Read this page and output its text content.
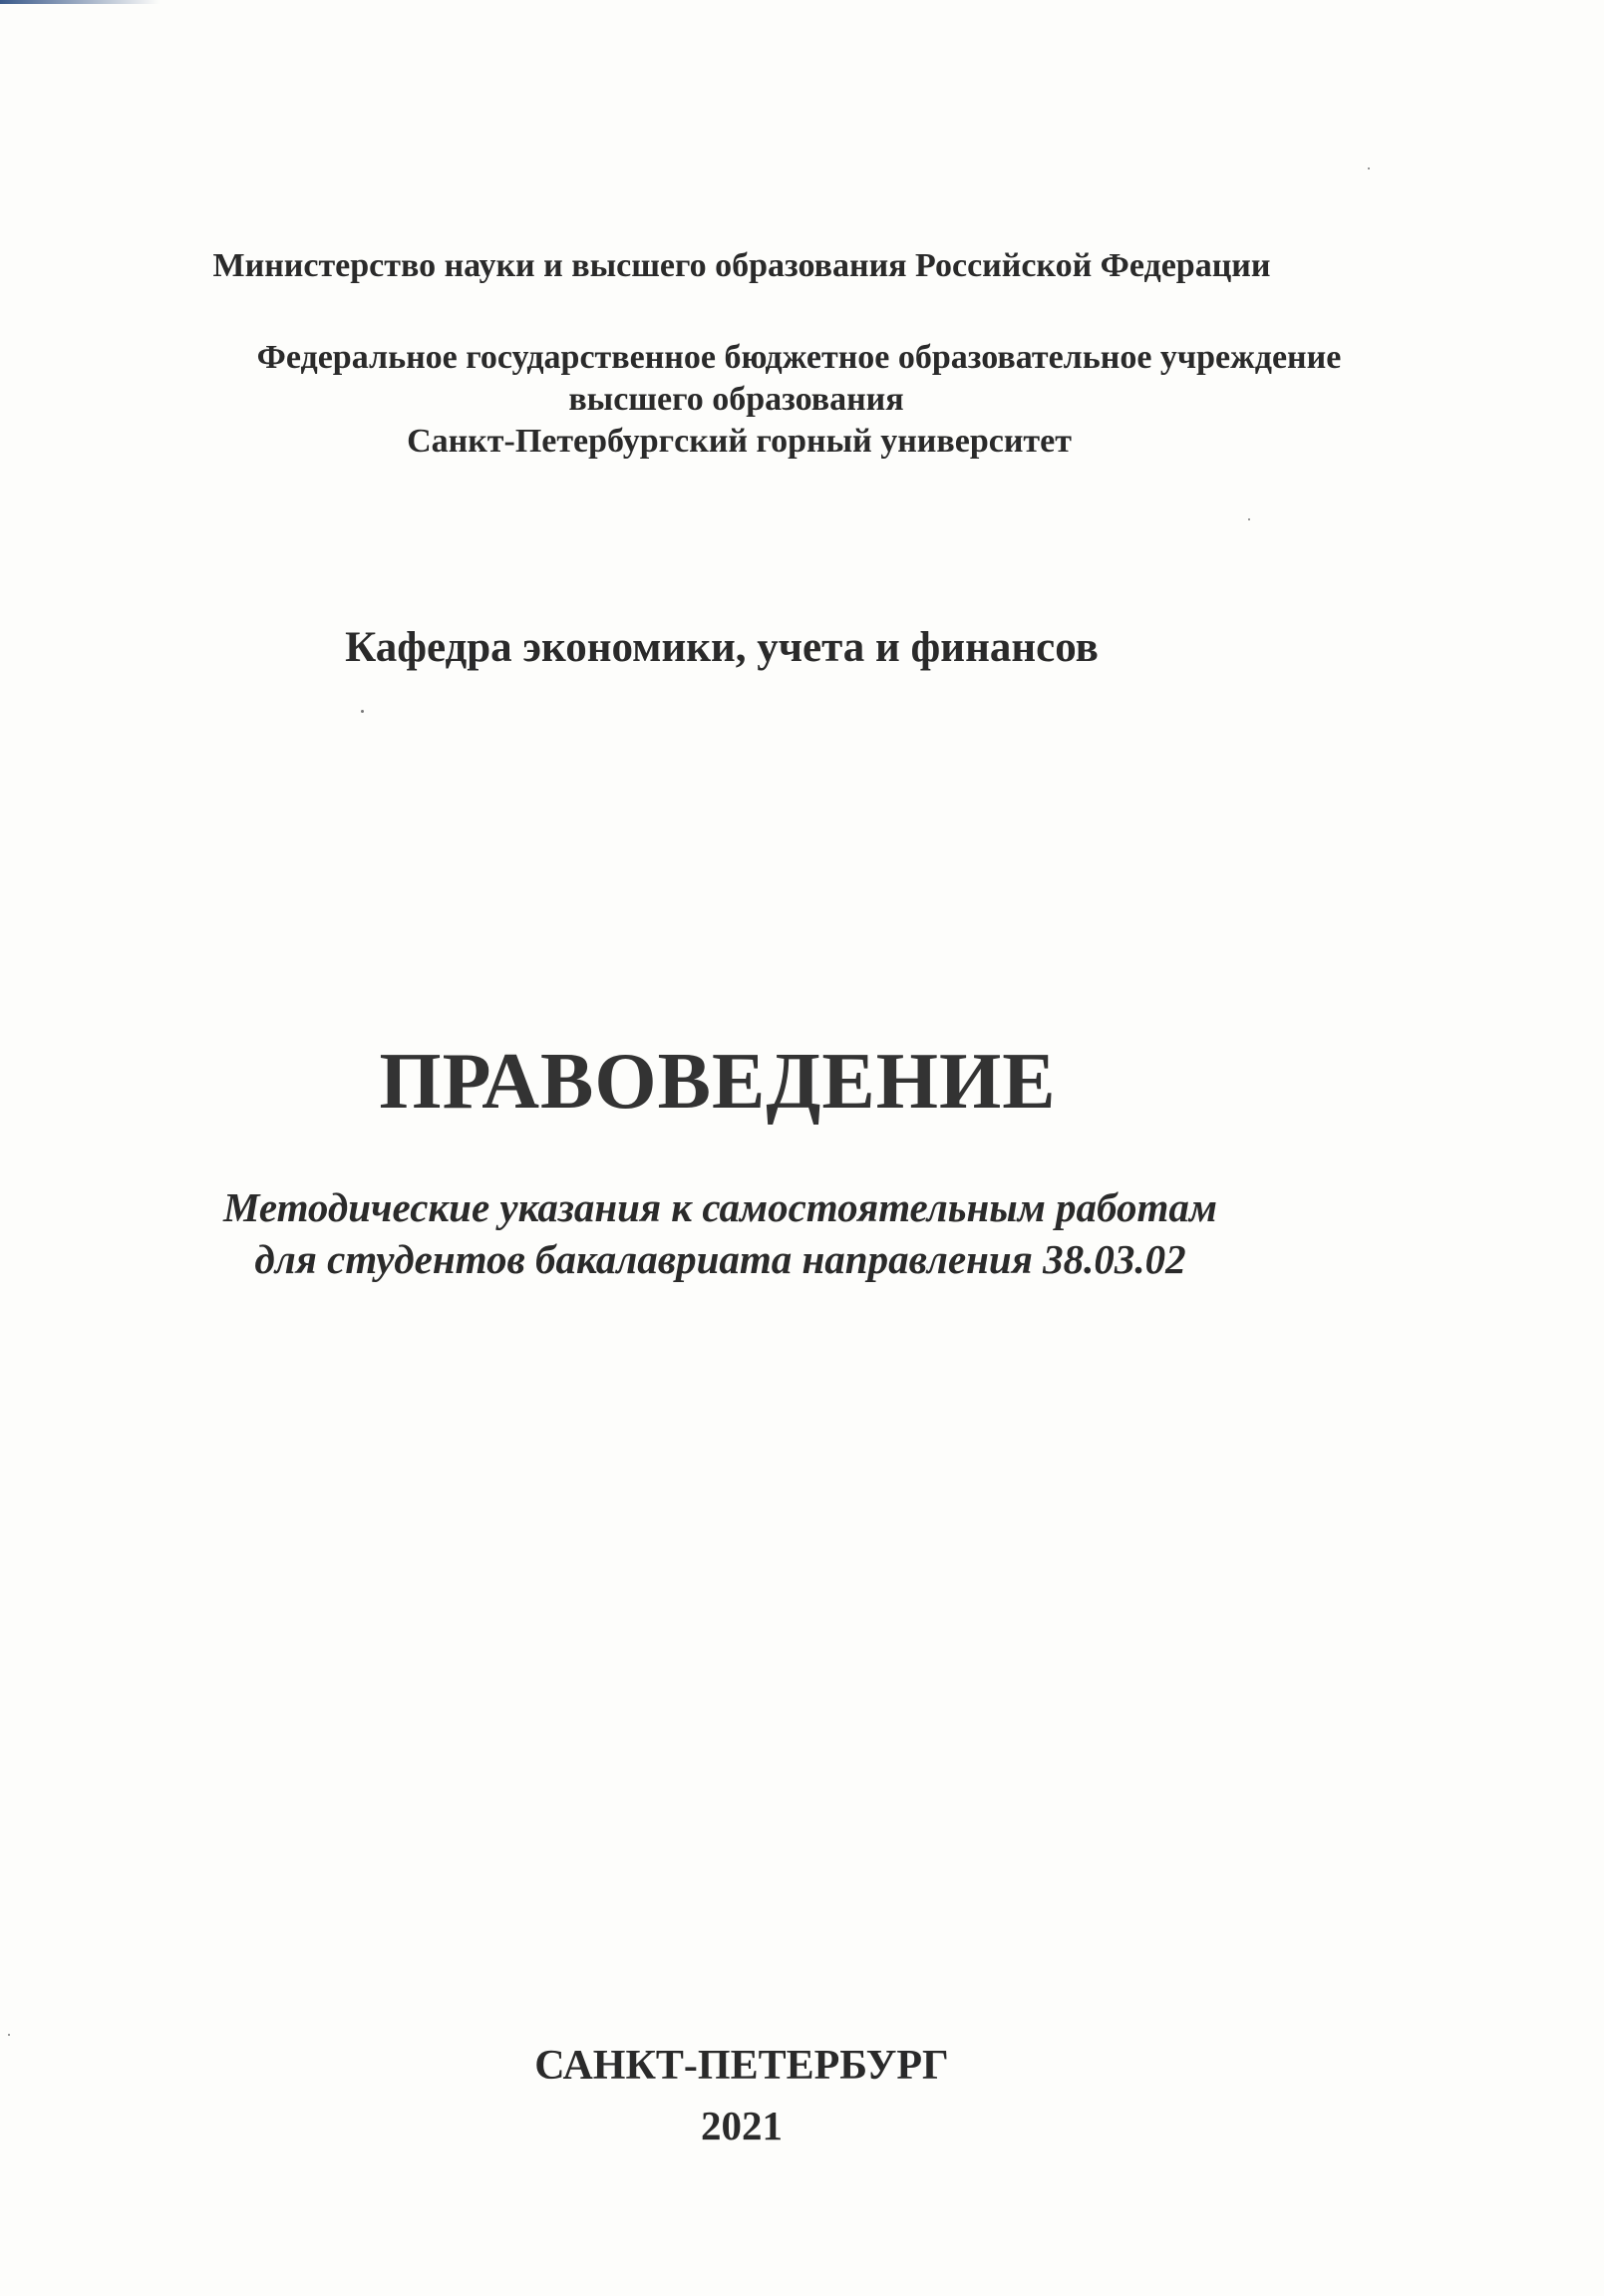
Министерство науки и высшего образования Российской Федерации
Федеральное государственное бюджетное образовательное учреждение
высшего образования
Санкт-Петербургский горный университет
Кафедра экономики, учета и финансов
ПРАВОВЕДЕНИЕ
Методические указания к самостоятельным работам
для студентов бакалавриата направления 38.03.02
САНКТ-ПЕТЕРБУРГ
2021
